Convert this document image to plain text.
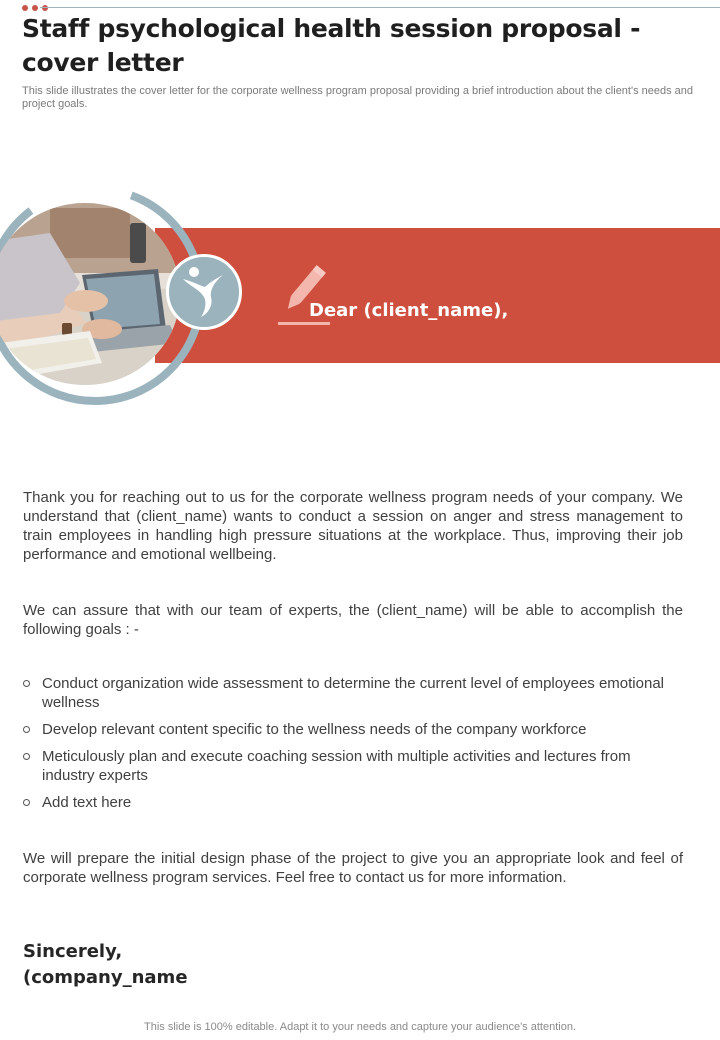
Staff psychological health session proposal - cover letter

This slide illustrates the cover letter for the corporate wellness program proposal providing a brief introduction about the client's needs and project goals.

Dear (client_name),

Thank you for reaching out to us for the corporate wellness program needs of your company. We understand that (client_name) wants to conduct a session on anger and stress management to train employees in handling high pressure situations at the workplace. Thus, improving their job performance and emotional wellbeing.

We can assure that with our team of experts, the (client_name) will be able to accomplish the following goals : -

Conduct organization wide assessment to determine the current level of employees emotional wellness
Develop relevant content specific to the wellness needs of the company workforce
Meticulously plan and execute coaching session with multiple activities and lectures from industry experts
Add text here

We will prepare the initial design phase of the project to give you an appropriate look and feel of corporate wellness program services. Feel free to contact us for more information.

Sincerely,
(company_name
This slide is 100% editable. Adapt it to your needs and capture your audience's attention.
